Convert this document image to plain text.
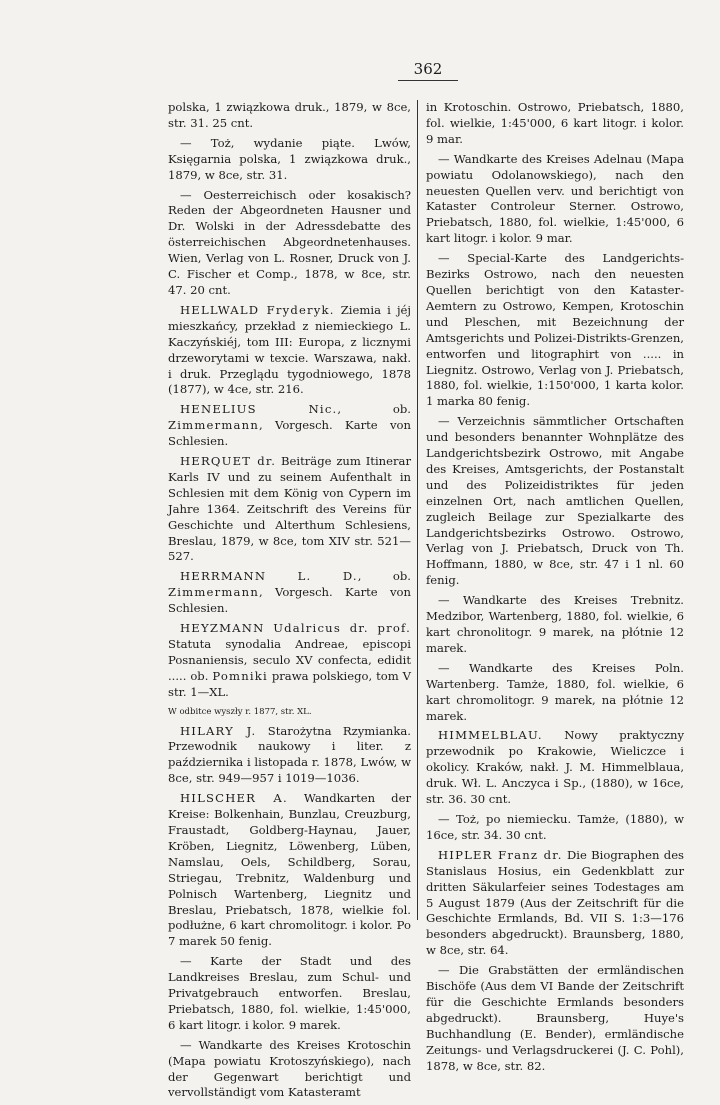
362

polska, 1 związkowa druk., 1879, w 8ce, str. 31. 25 cnt.

— Toż, wydanie piąte. Lwów, Księgarnia polska, 1 związkowa druk., 1879, w 8ce, str. 31.

— Oesterreichisch oder kosakisch? Reden der Abgeordneten Hausner und Dr. Wolski in der Adressdebatte des österreichischen Abgeordnetenhauses. Wien, Verlag von L. Rosner, Druck von J. C. Fischer et Comp., 1878, w 8ce, str. 47. 20 cnt.

HELLWALD Fryderyk. Ziemia i jéj mieszkańcy, przekład z niemieckiego L. Kaczyńskiéj, tom III: Europa, z licznymi drzeworytami w texcie. Warszawa, nakł. i druk. Przeglądu tygodniowego, 1878 (1877), w 4ce, str. 216.

HENELIUS Nic., ob. Zimmermann, Vorgesch. Karte von Schlesien.

HERQUET dr. Beiträge zum Itinerar Karls IV und zu seinem Aufenthalt in Schlesien mit dem König von Cypern im Jahre 1364. Zeitschrift des Vereins für Geschichte und Alterthum Schlesiens, Breslau, 1879, w 8ce, tom XIV str. 521—527.

HERRMANN L. D., ob. Zimmermann, Vorgesch. Karte von Schlesien.

HEYZMANN Udalricus dr. prof. Statuta synodalia Andreae, episcopi Posnaniensis, seculo XV confecta, edidit ..... ob. Pomniki prawa polskiego, tom V str. 1—XL.

W odbitce wyszły r. 1877, str. XL.

HILARY J. Starożytna Rzymianka. Przewodnik naukowy i liter. z października i listopada r. 1878, Lwów, w 8ce, str. 949—957 i 1019—1036.

HILSCHER A. Wandkarten der Kreise: Bolkenhain, Bunzlau, Creuzburg, Fraustadt, Goldberg-Haynau, Jauer, Kröben, Liegnitz, Löwenberg, Lüben, Namslau, Oels, Schildberg, Sorau, Striegau, Trebnitz, Waldenburg und Polnisch Wartenberg, Liegnitz und Breslau, Priebatsch, 1878, wielkie fol. podłużne, 6 kart chromolitogr. i kolor. Po 7 marek 50 fenig.

— Karte der Stadt und des Landkreises Breslau, zum Schul- und Privatgebrauch entworfen. Breslau, Priebatsch, 1880, fol. wielkie, 1:45'000, 6 kart litogr. i kolor. 9 marek.

— Wandkarte des Kreises Krotoschin (Mapa powiatu Krotoszyńskiego), nach der Gegenwart berichtigt und vervollständigt vom Katasteramt

in Krotoschin. Ostrowo, Priebatsch, 1880, fol. wielkie, 1:45'000, 6 kart litogr. i kolor. 9 mar.

— Wandkarte des Kreises Adelnau (Mapa powiatu Odolanowskiego), nach den neuesten Quellen verv. und berichtigt von Kataster Controleur Sterner. Ostrowo, Priebatsch, 1880, fol. wielkie, 1:45'000, 6 kart litogr. i kolor. 9 mar.

— Special-Karte des Landgerichts-Bezirks Ostrowo, nach den neuesten Quellen berichtigt von den Kataster-Aemtern zu Ostrowo, Kempen, Krotoschin und Pleschen, mit Bezeichnung der Amtsgerichts und Polizei-Distrikts-Grenzen, entworfen und litographirt von ..... in Liegnitz. Ostrowo, Verlag von J. Priebatsch, 1880, fol. wielkie, 1:150'000, 1 karta kolor. 1 marka 80 fenig.

— Verzeichnis sämmtlicher Ortschaften und besonders benannter Wohnplätze des Landgerichtsbezirk Ostrowo, mit Angabe des Kreises, Amtsgerichts, der Postanstalt und des Polizeidistriktes für jeden einzelnen Ort, nach amtlichen Quellen, zugleich Beilage zur Spezialkarte des Landgerichtsbezirks Ostrowo. Ostrowo, Verlag von J. Priebatsch, Druck von Th. Hoffmann, 1880, w 8ce, str. 47 i 1 nl. 60 fenig.

— Wandkarte des Kreises Trebnitz. Medzibor, Wartenberg, 1880, fol. wielkie, 6 kart chronolitogr. 9 marek, na płótnie 12 marek.

— Wandkarte des Kreises Poln. Wartenberg. Tamże, 1880, fol. wielkie, 6 kart chromolitogr. 9 marek, na płótnie 12 marek.

HIMMELBLAU. Nowy praktyczny przewodnik po Krakowie, Wieliczce i okolicy. Kraków, nakł. J. M. Himmelblaua, druk. Wł. L. Anczyca i Sp., (1880), w 16ce, str. 36. 30 cnt.

— Toż, po niemiecku. Tamże, (1880), w 16ce, str. 34. 30 cnt.

HIPLER Franz dr. Die Biographen des Stanislaus Hosius, ein Gedenkblatt zur dritten Säkularfeier seines Todestages am 5 August 1879 (Aus der Zeitschrift für die Geschichte Ermlands, Bd. VII S. 1:3—176 besonders abgedruckt). Braunsberg, 1880, w 8ce, str. 64.

— Die Grabstätten der ermländischen Bischöfe (Aus dem VI Bande der Zeitschrift für die Geschichte Ermlands besonders abgedruckt). Braunsberg, Huye's Buchhandlung (E. Bender), ermländische Zeitungs- und Verlagsdruckerei (J. C. Pohl), 1878, w 8ce, str. 82.
